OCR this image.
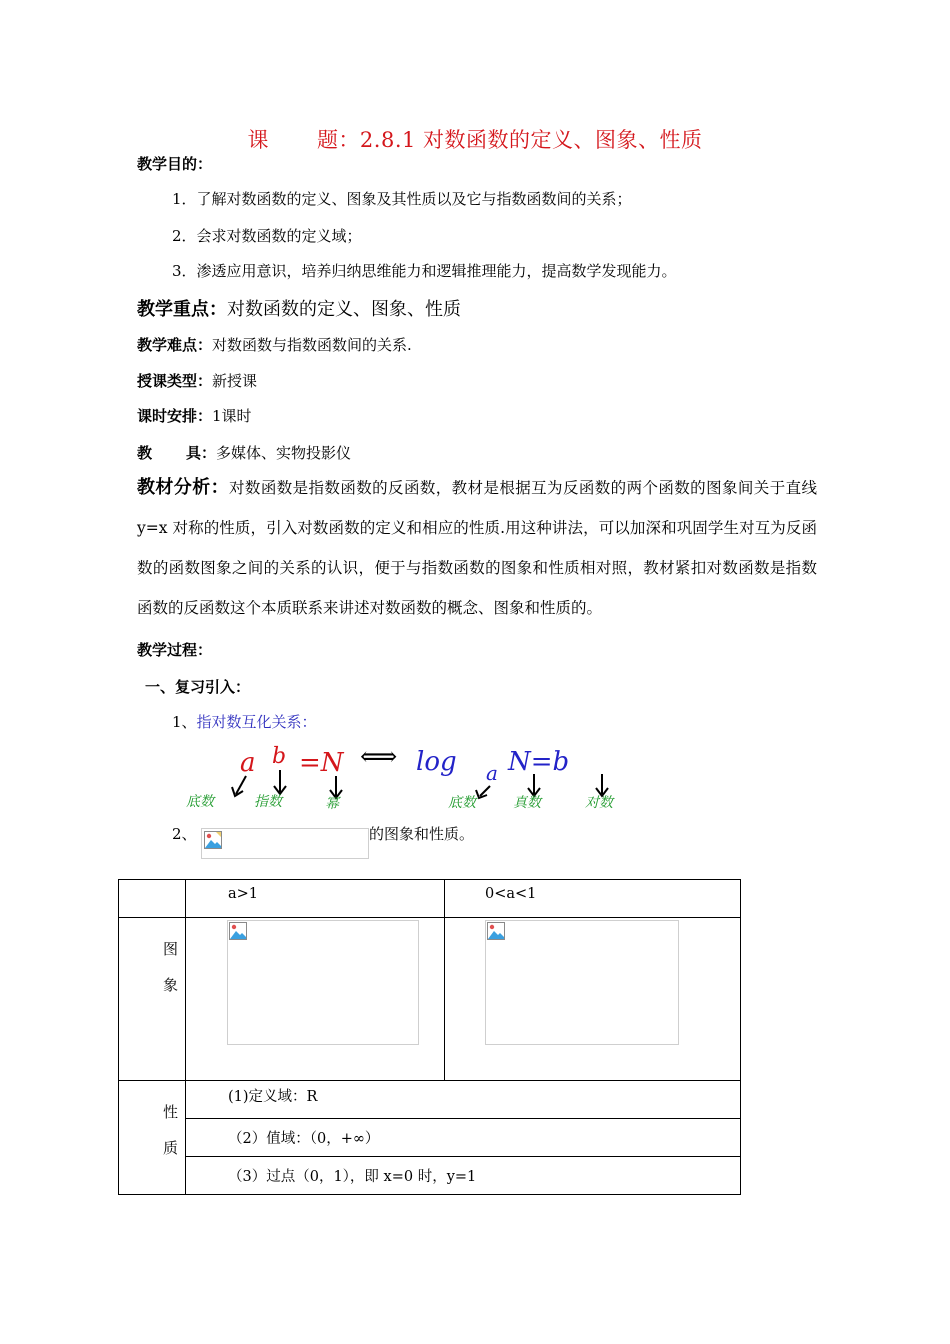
课 题：2.8.1 对数函数的定义、图象、性质
教学目的：
1．了解对数函数的定义、图象及其性质以及它与指数函数间的关系；
2．会求对数函数的定义域；
3．渗透应用意识，培养归纳思维能力和逻辑推理能力，提高数学发现能力。
教学重点：对数函数的定义、图象、性质
教学难点：对数函数与指数函数间的关系.
授课类型：新授课
课时安排：1课时
教 具：多媒体、实物投影仪
教材分析：对数函数是指数函数的反函数，教材是根据互为反函数的两个函数的图象间关于直线 y=x 对称的性质，引入对数函数的定义和相应的性质.用这种讲法，可以加深和巩固学生对互为反函数的函数图象之间的关系的认识，便于与指数函数的图象和性质相对照，教材紧扣对数函数是指数函数的反函数这个本质联系来讲述对数函数的概念、图象和性质的。
教学过程：
一、复习引入：
1、指对数互化关系：
a b =N ⟺ log a N=b
底数	指数	幂	底数	真数	对数
2、	的图象和性质。

	a>1	0<a<1

图
象

性
质	(1)定义域：R	

	（2）值域：（0，+∞）	

	（3）过点（0，1），即 x=0 时，y=1	
